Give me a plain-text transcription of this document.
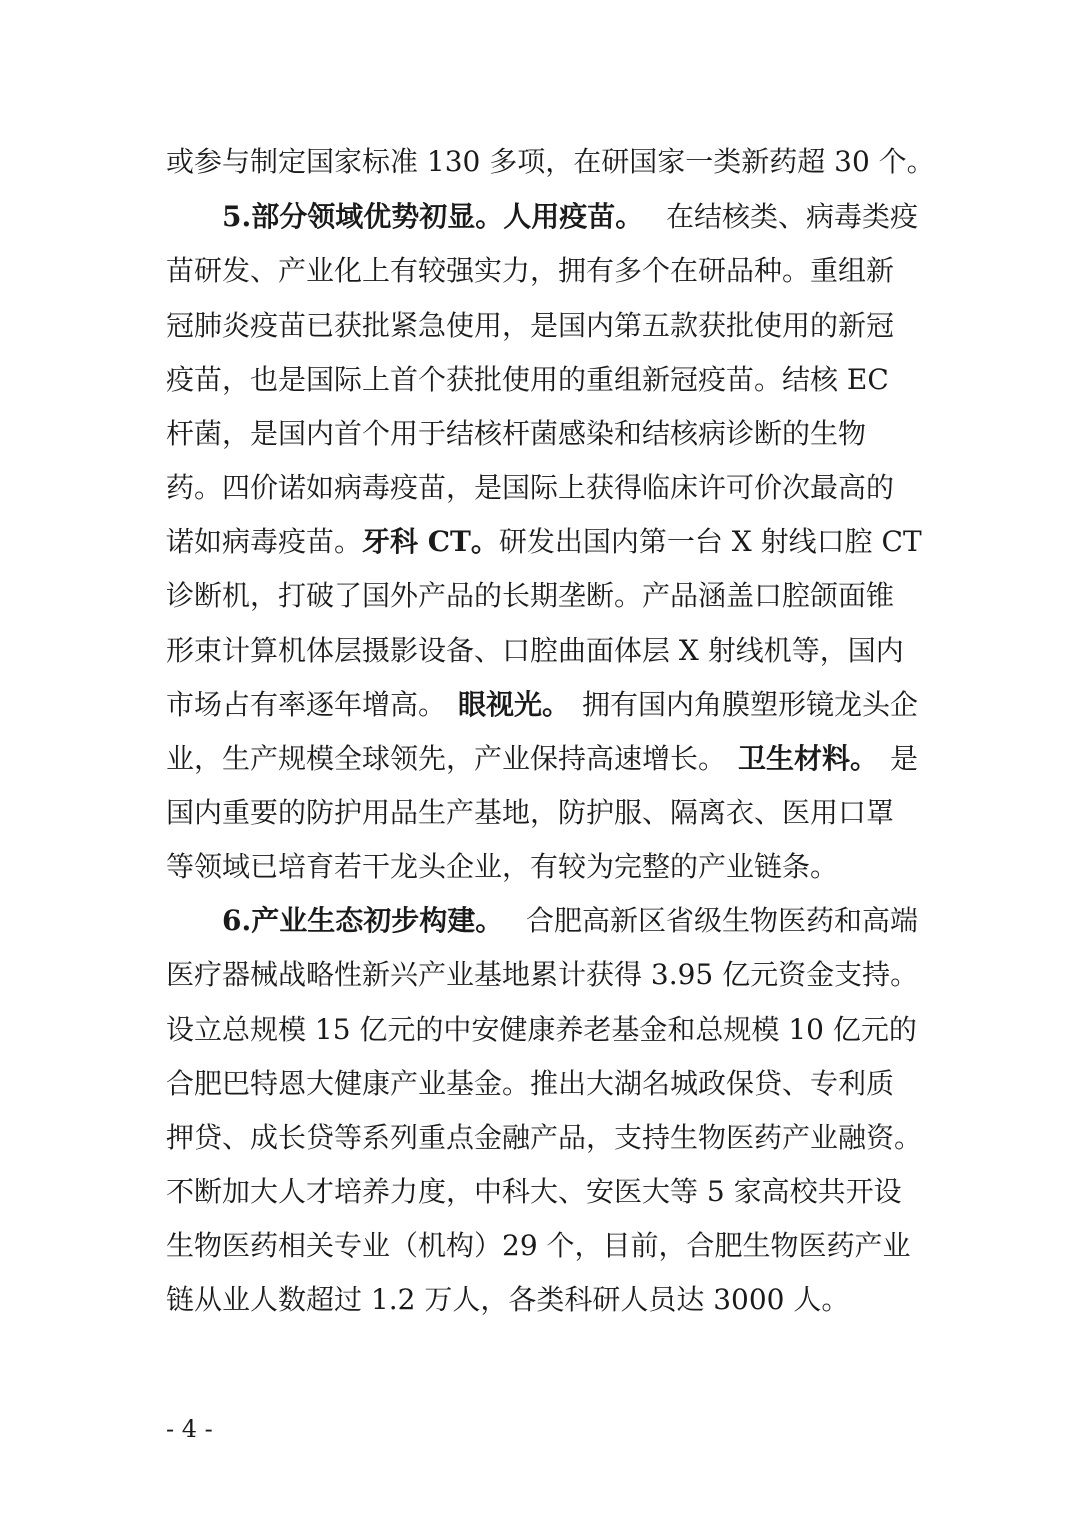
或参与制定国家标准 130 多项，在研国家一类新药超 30 个。

5.部分领域优势初显。人用疫苗。 在结核类、病毒类疫

苗研发、产业化上有较强实力，拥有多个在研品种。重组新

冠肺炎疫苗已获批紧急使用，是国内第五款获批使用的新冠

疫苗，也是国际上首个获批使用的重组新冠疫苗。结核 EC

杆菌，是国内首个用于结核杆菌感染和结核病诊断的生物

药。四价诺如病毒疫苗，是国际上获得临床许可价次最高的

诺如病毒疫苗。 牙科 CT。 研发出国内第一台 X 射线口腔 CT

诊断机，打破了国外产品的长期垄断。产品涵盖口腔颌面锥

形束计算机体层摄影设备、口腔曲面体层 X 射线机等，国内

市场占有率逐年增高。 眼视光。 拥有国内角膜塑形镜龙头企

业，生产规模全球领先，产业保持高速增长。 卫生材料。 是

国内重要的防护用品生产基地，防护服、隔离衣、医用口罩

等领域已培育若干龙头企业，有较为完整的产业链条。

6.产业生态初步构建。 合肥高新区省级生物医药和高端

医疗器械战略性新兴产业基地累计获得 3.95 亿元资金支持。

设立总规模 15 亿元的中安健康养老基金和总规模 10 亿元的

合肥巴特恩大健康产业基金。推出大湖名城政保贷、专利质

押贷、成长贷等系列重点金融产品，支持生物医药产业融资。

不断加大人才培养力度，中科大、安医大等 5 家高校共开设

生物医药相关专业（机构）29 个，目前，合肥生物医药产业

链从业人数超过 1.2 万人，各类科研人员达 3000 人。

- 4 -
